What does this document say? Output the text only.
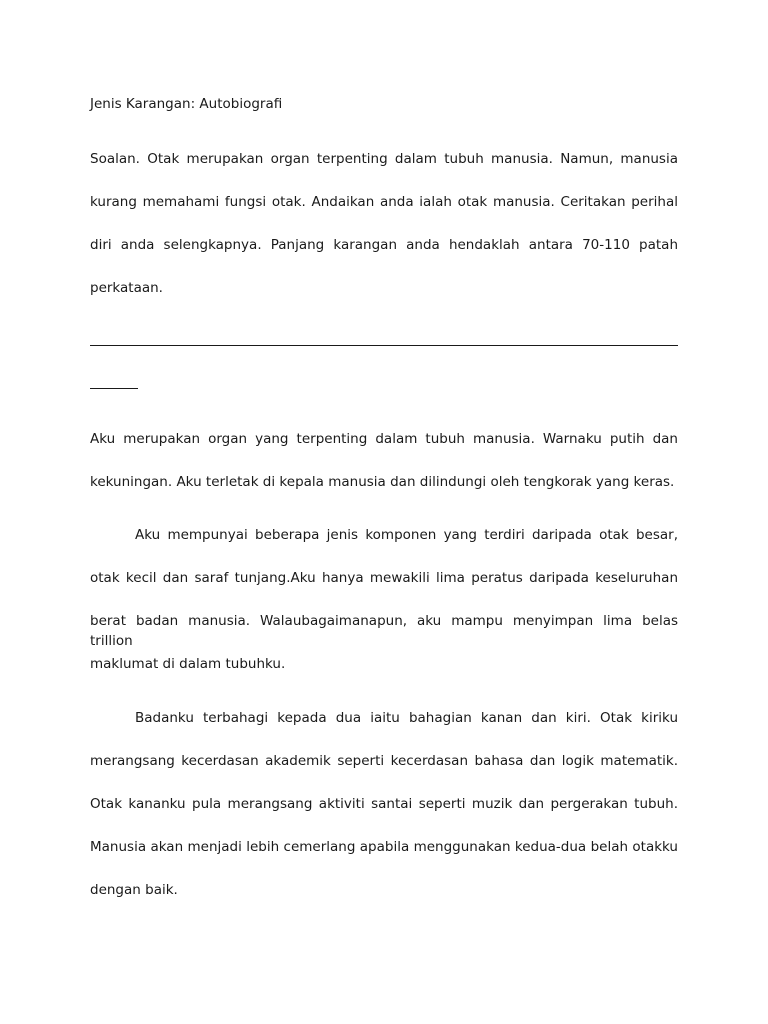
Jenis Karangan: Autobiografi

Soalan. Otak merupakan organ terpenting dalam tubuh manusia. Namun, manusia

kurang memahami fungsi otak. Andaikan anda ialah otak manusia. Ceritakan perihal

diri anda selengkapnya. Panjang karangan anda hendaklah antara 70-110 patah

perkataan.

Aku merupakan organ yang terpenting dalam tubuh manusia. Warnaku putih dan

kekuningan. Aku terletak di kepala manusia dan dilindungi oleh tengkorak yang keras.

Aku mempunyai beberapa jenis komponen yang terdiri daripada otak besar,

otak kecil dan saraf tunjang.Aku hanya mewakili lima peratus daripada keseluruhan

berat badan manusia. Walaubagaimanapun, aku mampu menyimpan lima belas trillion

maklumat di dalam tubuhku.

Badanku terbahagi kepada dua iaitu bahagian kanan dan kiri. Otak kiriku

merangsang kecerdasan akademik seperti kecerdasan bahasa dan logik matematik.

Otak kananku pula merangsang aktiviti santai seperti muzik dan pergerakan tubuh.

Manusia akan menjadi lebih cemerlang apabila menggunakan kedua-dua belah otakku

dengan baik.
